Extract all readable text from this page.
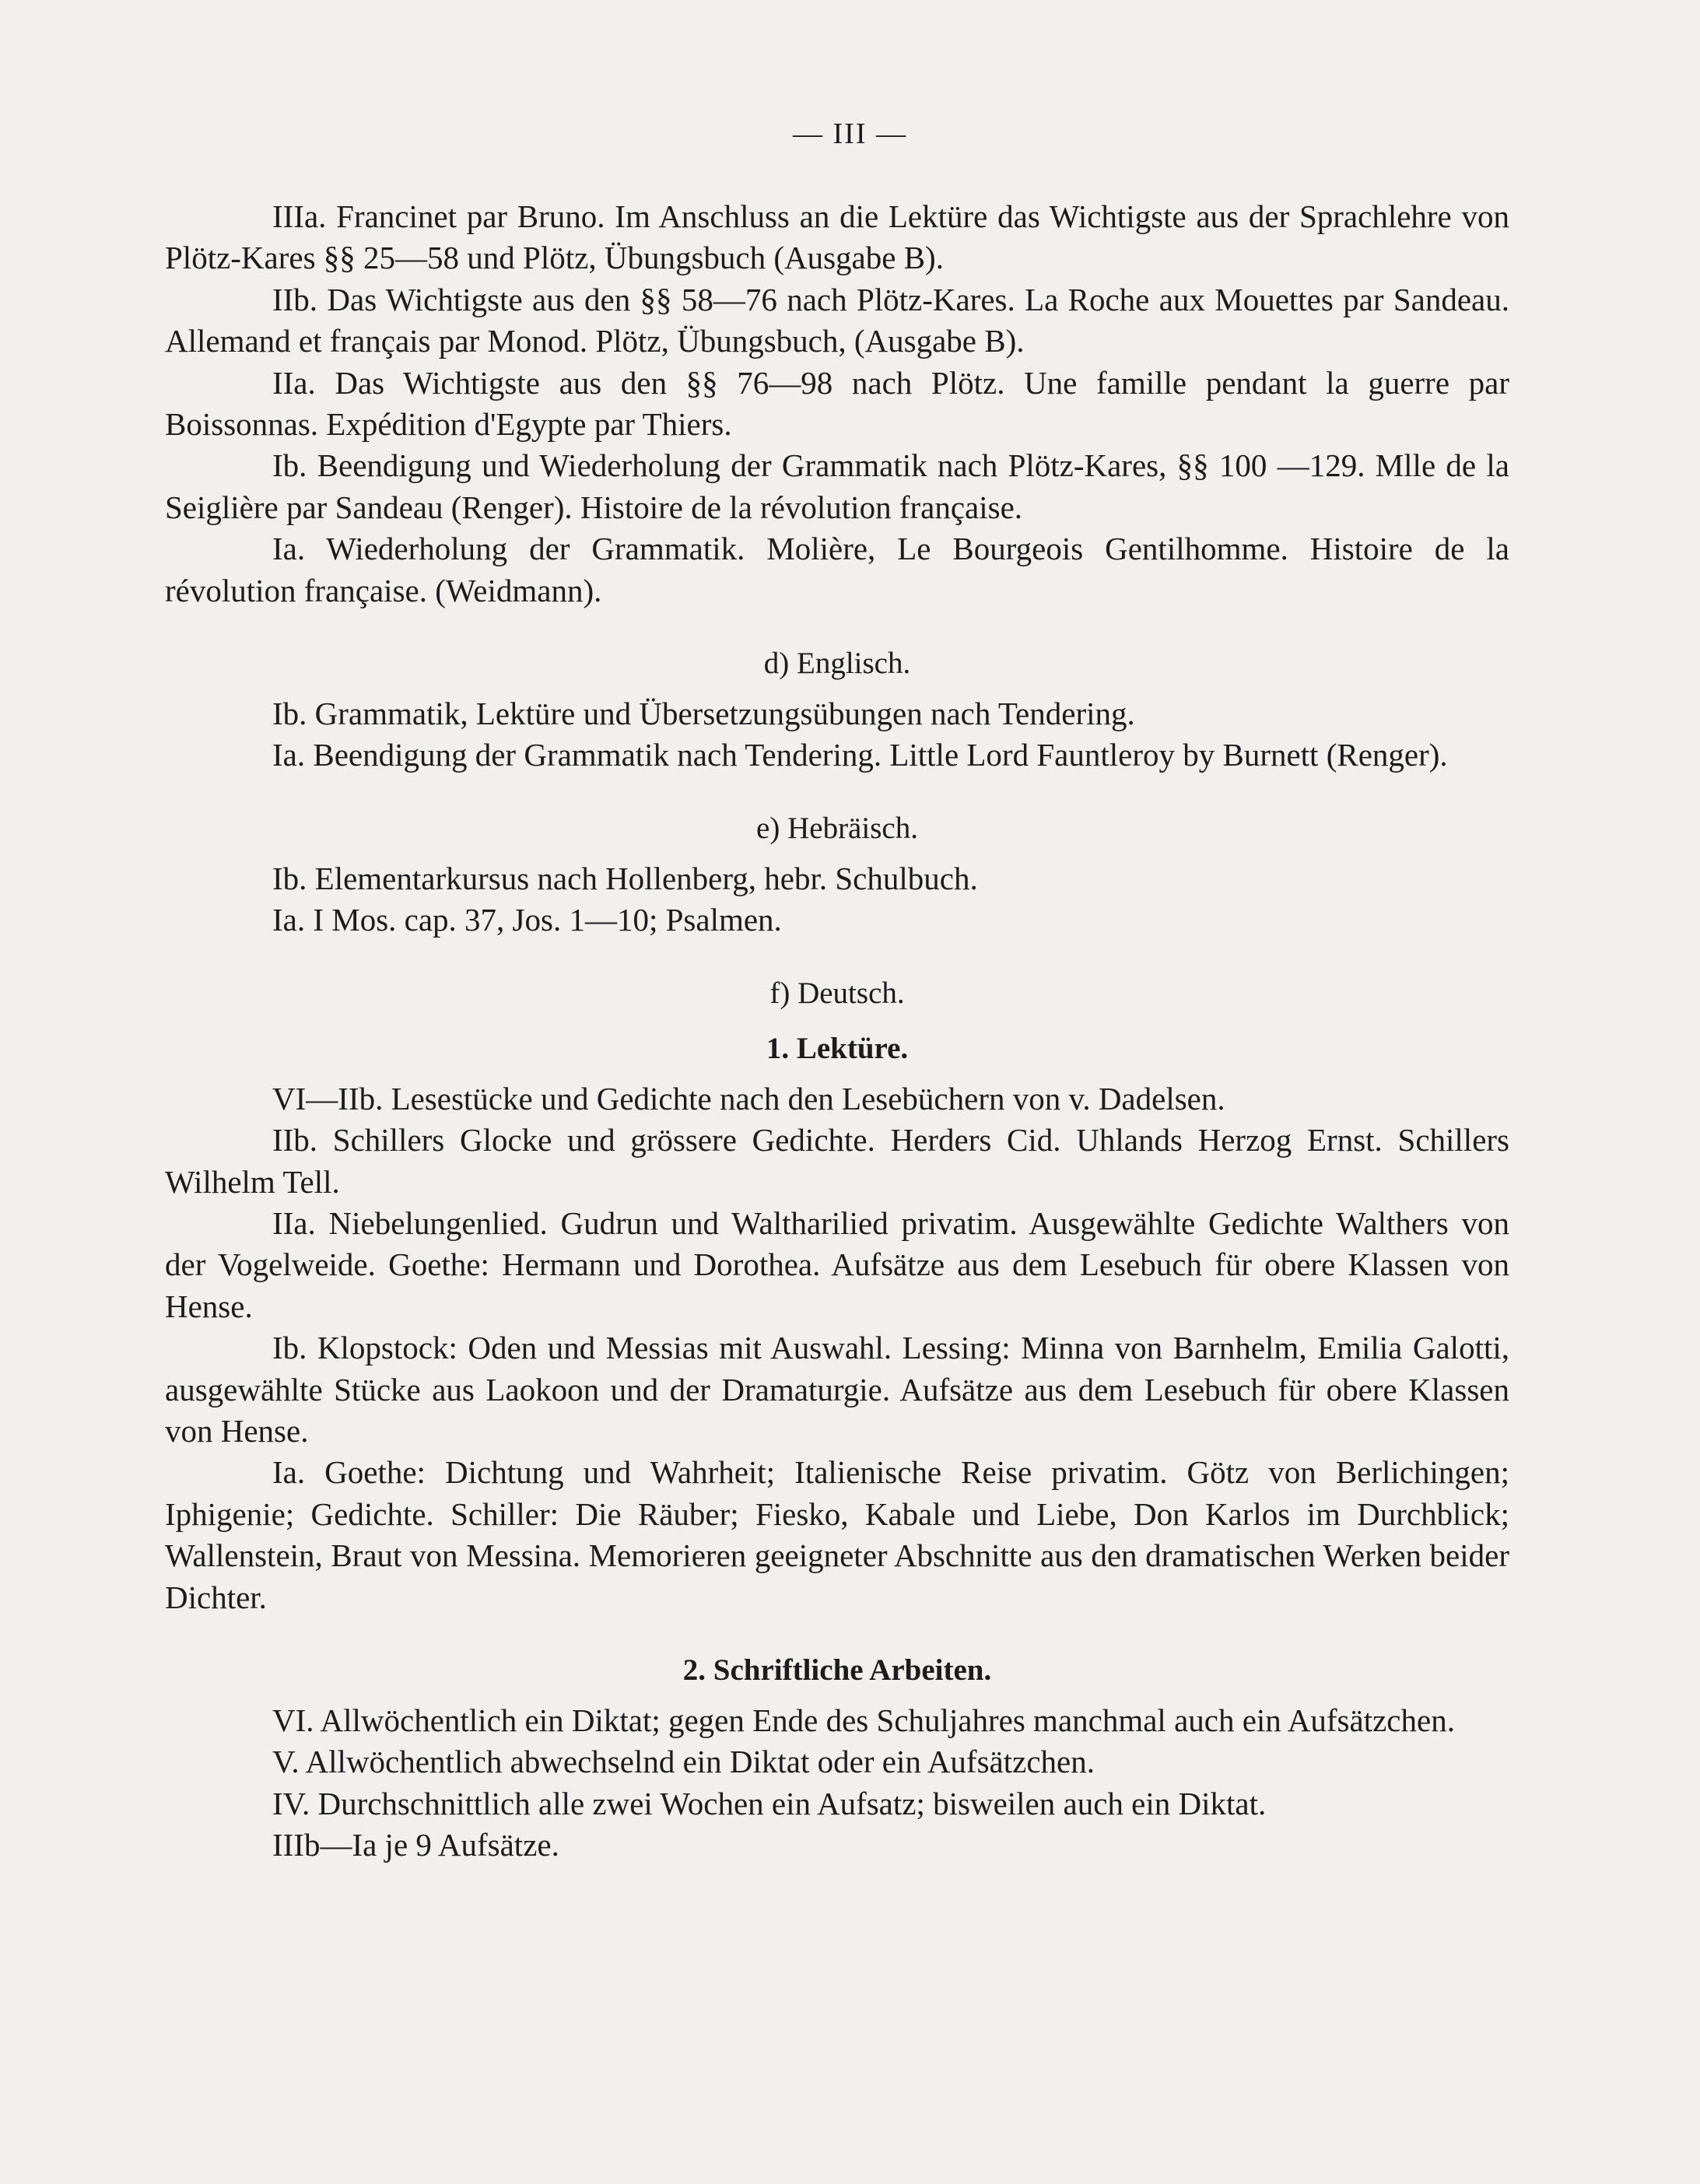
— III —

IIIa. Francinet par Bruno. Im Anschluss an die Lektüre das Wichtigste aus der Sprachlehre von Plötz-Kares §§ 25—58 und Plötz, Übungsbuch (Ausgabe B).

IIb. Das Wichtigste aus den §§ 58—76 nach Plötz-Kares. La Roche aux Mouettes par Sandeau. Allemand et français par Monod. Plötz, Übungsbuch, (Ausgabe B).

IIa. Das Wichtigste aus den §§ 76—98 nach Plötz. Une famille pendant la guerre par Boissonnas. Expédition d'Egypte par Thiers.

Ib. Beendigung und Wiederholung der Grammatik nach Plötz-Kares, §§ 100 —129. Mlle de la Seiglière par Sandeau (Renger). Histoire de la révolution française.

Ia. Wiederholung der Grammatik. Molière, Le Bourgeois Gentilhomme. Histoire de la révolution française. (Weidmann).

d) Englisch.

Ib. Grammatik, Lektüre und Übersetzungsübungen nach Tendering.

Ia. Beendigung der Grammatik nach Tendering. Little Lord Fauntleroy by Burnett (Renger).

e) Hebräisch.

Ib. Elementarkursus nach Hollenberg, hebr. Schulbuch.

Ia. I Mos. cap. 37, Jos. 1—10; Psalmen.

f) Deutsch.
1. Lektüre.

VI—IIb. Lesestücke und Gedichte nach den Lesebüchern von v. Dadelsen.

IIb. Schillers Glocke und grössere Gedichte. Herders Cid. Uhlands Herzog Ernst. Schillers Wilhelm Tell.

IIa. Niebelungenlied. Gudrun und Waltharilied privatim. Ausgewählte Gedichte Walthers von der Vogelweide. Goethe: Hermann und Dorothea. Aufsätze aus dem Lesebuch für obere Klassen von Hense.

Ib. Klopstock: Oden und Messias mit Auswahl. Lessing: Minna von Barnhelm, Emilia Galotti, ausgewählte Stücke aus Laokoon und der Dramaturgie. Aufsätze aus dem Lesebuch für obere Klassen von Hense.

Ia. Goethe: Dichtung und Wahrheit; Italienische Reise privatim. Götz von Berlichingen; Iphigenie; Gedichte. Schiller: Die Räuber; Fiesko, Kabale und Liebe, Don Karlos im Durchblick; Wallenstein, Braut von Messina. Memorieren geeigneter Abschnitte aus den dramatischen Werken beider Dichter.

2. Schriftliche Arbeiten.

VI. Allwöchentlich ein Diktat; gegen Ende des Schuljahres manchmal auch ein Aufsätzchen.

V. Allwöchentlich abwechselnd ein Diktat oder ein Aufsätzchen.

IV. Durchschnittlich alle zwei Wochen ein Aufsatz; bisweilen auch ein Diktat.

IIIb—Ia je 9 Aufsätze.
